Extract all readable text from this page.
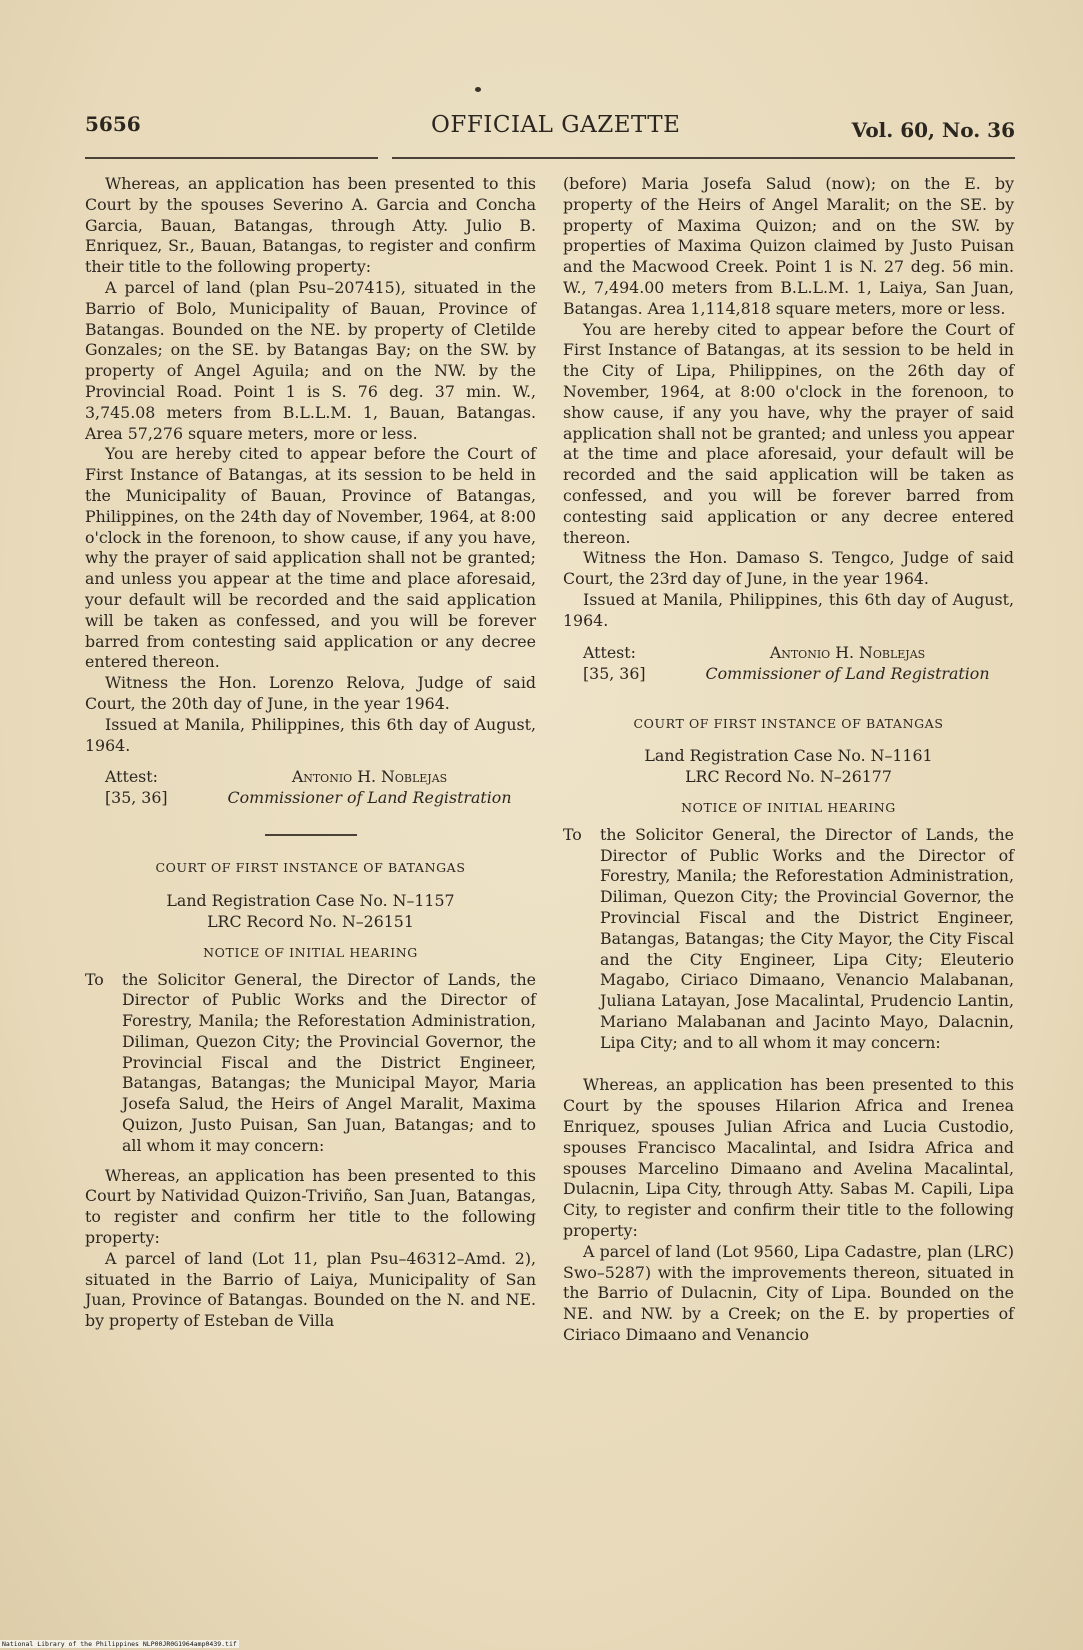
5656	OFFICIAL GAZETTE	Vol. 60, No. 36

Whereas, an application has been presented to this Court by the spouses Severino A. Garcia and Concha Garcia, Bauan, Batangas, through Atty. Julio B. Enriquez, Sr., Bauan, Batangas, to register and confirm their title to the following property:

A parcel of land (plan Psu–207415), situated in the Barrio of Bolo, Municipality of Bauan, Province of Batangas. Bounded on the NE. by property of Cletilde Gonzales; on the SE. by Batangas Bay; on the SW. by property of Angel Aguila; and on the NW. by the Provincial Road. Point 1 is S. 76 deg. 37 min. W., 3,745.08 meters from B.L.L.M. 1, Bauan, Batangas. Area 57,276 square meters, more or less.

You are hereby cited to appear before the Court of First Instance of Batangas, at its session to be held in the Municipality of Bauan, Province of Batangas, Philippines, on the 24th day of November, 1964, at 8:00 o'clock in the forenoon, to show cause, if any you have, why the prayer of said application shall not be granted; and unless you appear at the time and place aforesaid, your default will be recorded and the said application will be taken as confessed, and you will be forever barred from contesting said application or any decree entered thereon.

Witness the Hon. Lorenzo Relova, Judge of said Court, the 20th day of June, in the year 1964.

Issued at Manila, Philippines, this 6th day of August, 1964.

Attest:	Antonio H. Noblejas
[35, 36]	Commissioner of Land Registration
COURT OF FIRST INSTANCE OF BATANGAS
Land Registration Case No. N–1157
LRC Record No. N–26151
NOTICE OF INITIAL HEARING
To	the Solicitor General, the Director of Lands, the Director of Public Works and the Director of Forestry, Manila; the Reforestation Administration, Diliman, Quezon City; the Provincial Governor, the Provincial Fiscal and the District Engineer, Batangas, Batangas; the Municipal Mayor, Maria Josefa Salud, the Heirs of Angel Maralit, Maxima Quizon, Justo Puisan, San Juan, Batangas; and to all whom it may concern:

Whereas, an application has been presented to this Court by Natividad Quizon-Triviño, San Juan, Batangas, to register and confirm her title to the following property:

A parcel of land (Lot 11, plan Psu–46312–Amd. 2), situated in the Barrio of Laiya, Municipality of San Juan, Province of Batangas. Bounded on the N. and NE. by property of Esteban de Villa

(before) Maria Josefa Salud (now); on the E. by property of the Heirs of Angel Maralit; on the SE. by property of Maxima Quizon; and on the SW. by properties of Maxima Quizon claimed by Justo Puisan and the Macwood Creek. Point 1 is N. 27 deg. 56 min. W., 7,494.00 meters from B.L.L.M. 1, Laiya, San Juan, Batangas. Area 1,114,818 square meters, more or less.

You are hereby cited to appear before the Court of First Instance of Batangas, at its session to be held in the City of Lipa, Philippines, on the 26th day of November, 1964, at 8:00 o'clock in the forenoon, to show cause, if any you have, why the prayer of said application shall not be granted; and unless you appear at the time and place aforesaid, your default will be recorded and the said application will be taken as confessed, and you will be forever barred from contesting said application or any decree entered thereon.

Witness the Hon. Damaso S. Tengco, Judge of said Court, the 23rd day of June, in the year 1964.

Issued at Manila, Philippines, this 6th day of August, 1964.

Attest:	Antonio H. Noblejas
[35, 36]	Commissioner of Land Registration
COURT OF FIRST INSTANCE OF BATANGAS
Land Registration Case No. N–1161
LRC Record No. N–26177
NOTICE OF INITIAL HEARING
To	the Solicitor General, the Director of Lands, the Director of Public Works and the Director of Forestry, Manila; the Reforestation Administration, Diliman, Quezon City; the Provincial Governor, the Provincial Fiscal and the District Engineer, Batangas, Batangas; the City Mayor, the City Fiscal and the City Engineer, Lipa City; Eleuterio Magabo, Ciriaco Dimaano, Venancio Malabanan, Juliana Latayan, Jose Macalintal, Prudencio Lantin, Mariano Malabanan and Jacinto Mayo, Dalacnin, Lipa City; and to all whom it may concern:

Whereas, an application has been presented to this Court by the spouses Hilarion Africa and Irenea Enriquez, spouses Julian Africa and Lucia Custodio, spouses Francisco Macalintal, and Isidra Africa and spouses Marcelino Dimaano and Avelina Macalintal, Dulacnin, Lipa City, through Atty. Sabas M. Capili, Lipa City, to register and confirm their title to the following property:

A parcel of land (Lot 9560, Lipa Cadastre, plan (LRC) Swo–5287) with the improvements thereon, situated in the Barrio of Dulacnin, City of Lipa. Bounded on the NE. and NW. by a Creek; on the E. by properties of Ciriaco Dimaano and Venancio

National Library of the Philippines NLP00JR0G1964amp0439.tif
